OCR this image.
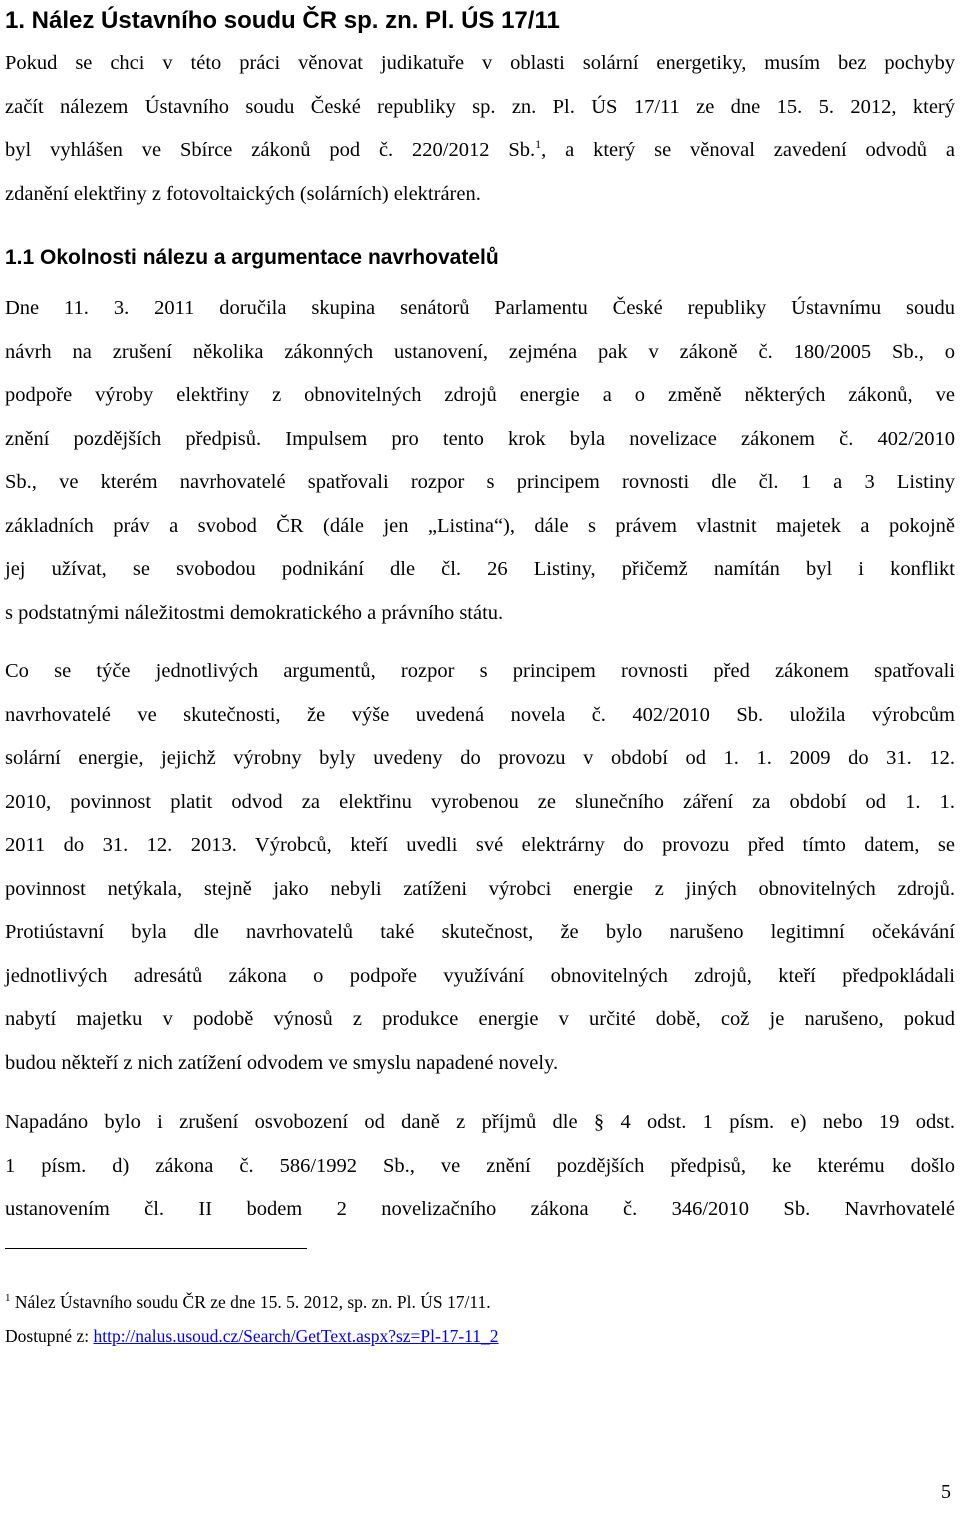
1. Nález Ústavního soudu ČR sp. zn. Pl. ÚS 17/11
Pokud se chci v této práci věnovat judikatuře v oblasti solární energetiky, musím bez pochyby
začít nálezem Ústavního soudu České republiky sp. zn. Pl. ÚS 17/11 ze dne 15. 5. 2012, který
byl vyhlášen ve Sbírce zákonů pod č. 220/2012 Sb.$^1$, a který se věnoval zavedení odvodů a
zdanění elektřiny z fotovoltaických (solárních) elektráren.
1.1 Okolnosti nálezu a argumentace navrhovatelů
Dne 11. 3. 2011 doručila skupina senátorů Parlamentu České republiky Ústavnímu soudu
návrh na zrušení několika zákonných ustanovení, zejména pak v zákoně č. 180/2005 Sb., o
podpoře výroby elektřiny z obnovitelných zdrojů energie a o změně některých zákonů, ve
znění pozdějších předpisů. Impulsem pro tento krok byla novelizace zákonem č. 402/2010
Sb., ve kterém navrhovatelé spatřovali rozpor s principem rovnosti dle čl. 1 a 3 Listiny
základních práv a svobod ČR (dále jen „Listina“), dále s právem vlastnit majetek a pokojně
jej užívat, se svobodou podnikání dle čl. 26 Listiny, přičemž namítán byl i konflikt
s podstatnými náležitostmi demokratického a právního státu.
Co se týče jednotlivých argumentů, rozpor s principem rovnosti před zákonem spatřovali
navrhovatelé ve skutečnosti, že výše uvedená novela č. 402/2010 Sb. uložila výrobcům
solární energie, jejichž výrobny byly uvedeny do provozu v období od 1. 1. 2009 do 31. 12.
2010, povinnost platit odvod za elektřinu vyrobenou ze slunečního záření za období od 1. 1.
2011 do 31. 12. 2013. Výrobců, kteří uvedli své elektrárny do provozu před tímto datem, se
povinnost netýkala, stejně jako nebyli zatíženi výrobci energie z jiných obnovitelných zdrojů.
Protiústavní byla dle navrhovatelů také skutečnost, že bylo narušeno legitimní očekávání
jednotlivých adresátů zákona o podpoře využívání obnovitelných zdrojů, kteří předpokládali
nabytí majetku v podobě výnosů z produkce energie v určité době, což je narušeno, pokud
budou někteří z nich zatížení odvodem ve smyslu napadené novely.
Napadáno bylo i zrušení osvobození od daně z příjmů dle § 4 odst. 1 písm. e) nebo 19 odst.
1 písm. d) zákona č. 586/1992 Sb., ve znění pozdějších předpisů, ke kterému došlo
ustanovením čl. II bodem 2 novelizačního zákona č. 346/2010 Sb. Navrhovatelé
$^1$ Nález Ústavního soudu ČR ze dne 15. 5. 2012, sp. zn. Pl. ÚS 17/11.
Dostupné z: http://nalus.usoud.cz/Search/GetText.aspx?sz=Pl-17-11_2
5
